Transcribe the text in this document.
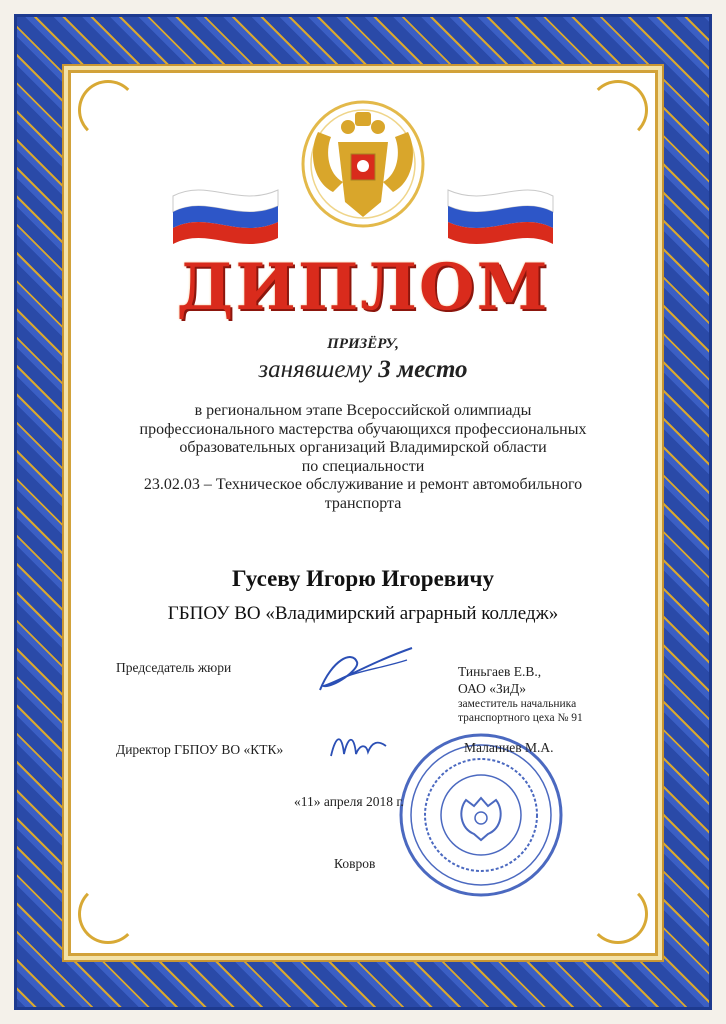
ДИПЛОМ
ПРИЗЁРУ,
занявшему 3 место
в региональном этапе Всероссийской олимпиады
профессионального мастерства обучающихся профессиональных
образовательных организаций Владимирской области
по специальности
23.02.03 – Техническое обслуживание и ремонт автомобильного
транспорта
Гусеву Игорю Игоревичу
ГБПОУ ВО «Владимирский аграрный колледж»
Председатель жюри	Тиньгаев Е.В.,
ОАО «ЗиД»
заместитель начальника
транспортного цеха № 91
Директор ГБПОУ ВО «КТК»	Маланиев М.А.
«11» апреля 2018 г.
Ковров
